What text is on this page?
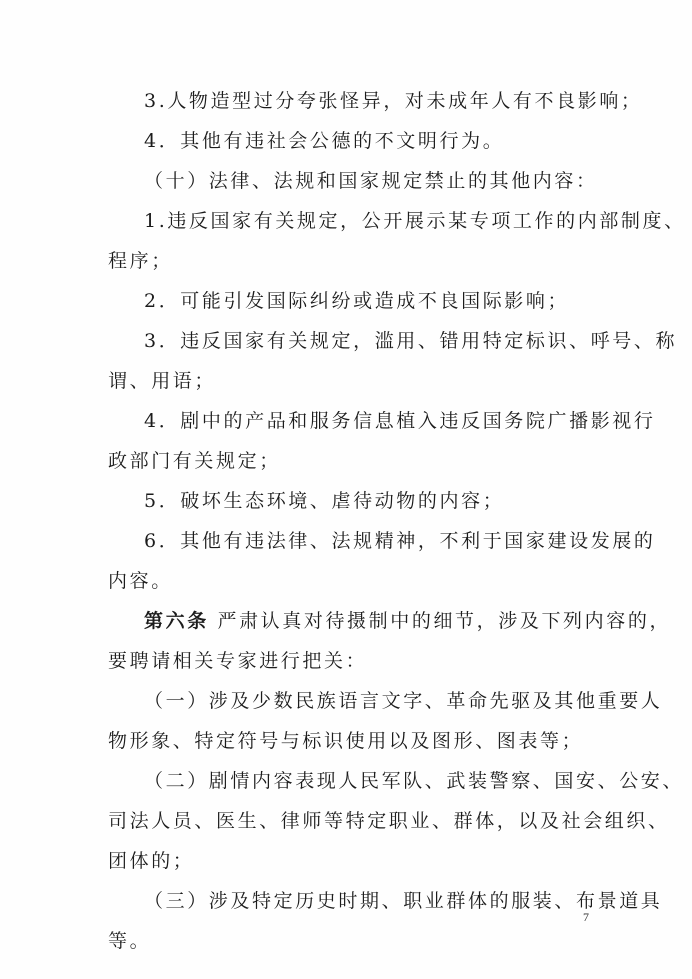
3.人物造型过分夸张怪异，对未成年人有不良影响；
4．其他有违社会公德的不文明行为。
（十）法律、法规和国家规定禁止的其他内容：
1.违反国家有关规定，公开展示某专项工作的内部制度、
程序；
2．可能引发国际纠纷或造成不良国际影响；
3．违反国家有关规定，滥用、错用特定标识、呼号、称
谓、用语；
4．剧中的产品和服务信息植入违反国务院广播影视行
政部门有关规定；
5．破坏生态环境、虐待动物的内容；
6．其他有违法律、法规精神，不利于国家建设发展的
内容。
第六条 严肃认真对待摄制中的细节，涉及下列内容的，
要聘请相关专家进行把关：
（一）涉及少数民族语言文字、革命先驱及其他重要人
物形象、特定符号与标识使用以及图形、图表等；
（二）剧情内容表现人民军队、武装警察、国安、公安、
司法人员、医生、律师等特定职业、群体，以及社会组织、
团体的；
（三）涉及特定历史时期、职业群体的服装、布景道具
等。
7
